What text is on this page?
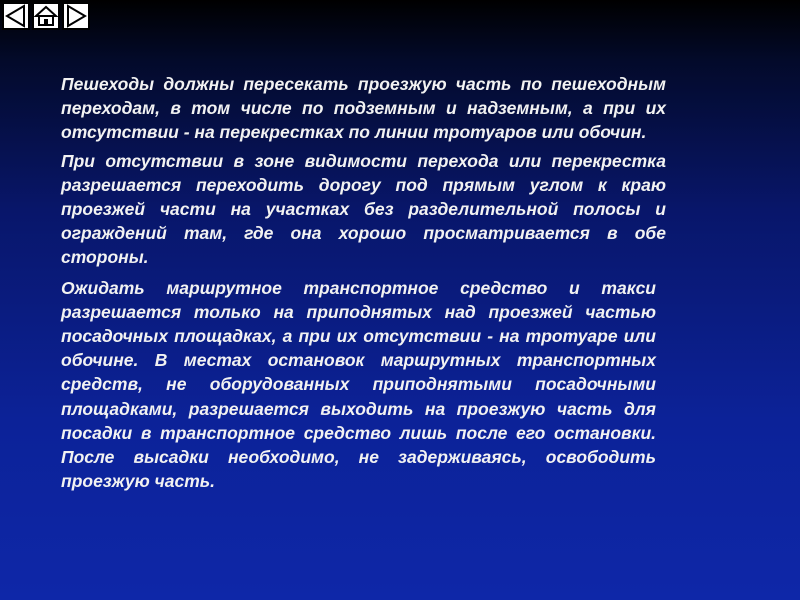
Пешеходы должны пересекать проезжую часть по пешеходным переходам, в том числе по подземным и надземным, а при их отсутствии - на перекрестках по линии тротуаров или обочин.

При отсутствии в зоне видимости перехода или перекрестка разрешается переходить дорогу под прямым углом к краю проезжей части на участках без разделительной полосы и ограждений там, где она хорошо просматривается в обе стороны.

Ожидать маршрутное транспортное средство и такси разрешается только на приподнятых над проезжей частью посадочных площадках, а при их отсутствии - на тротуаре или обочине. В местах остановок маршрутных транспортных средств, не оборудованных приподнятыми посадочными площадками, разрешается выходить на проезжую часть для посадки в транспортное средство лишь после его остановки. После высадки необходимо, не задерживаясь, освободить проезжую часть.
